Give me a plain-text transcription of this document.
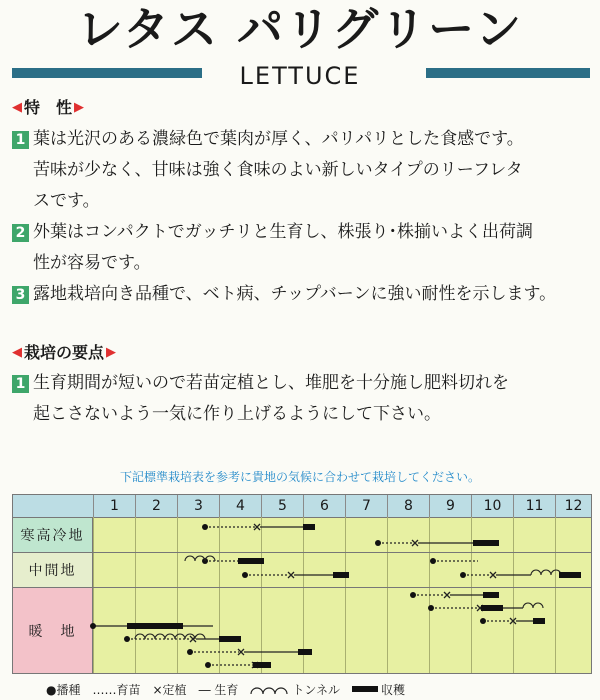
レタス パリグリーン
LETTUCE
◀ 特　性 ▶
1 葉は光沢のある濃緑色で葉肉が厚く、パリパリとした食感です。
苦味が少なく、甘味は強く食味のよい新しいタイプのリーフレタ
スです。
2 外葉はコンパクトでガッチリと生育し、株張り･株揃いよく出荷調
性が容易です。
3 露地栽培向き品種で、ベト病、チップバーンに強い耐性を示します。
◀ 栽培の要点 ▶
1 生育期間が短いので若苗定植とし、堆肥を十分施し肥料切れを
起こさないよう一気に作り上げるようにして下さい。
下記標準栽培表を参考に貴地の気候に合わせて栽培してください。
1	2	3	4	5	6	7	8	9	10	11	12
寒高冷地
中間地
暖　地
●播種 ……育苗 ×定植 ― 生育	トンネル	収穫
